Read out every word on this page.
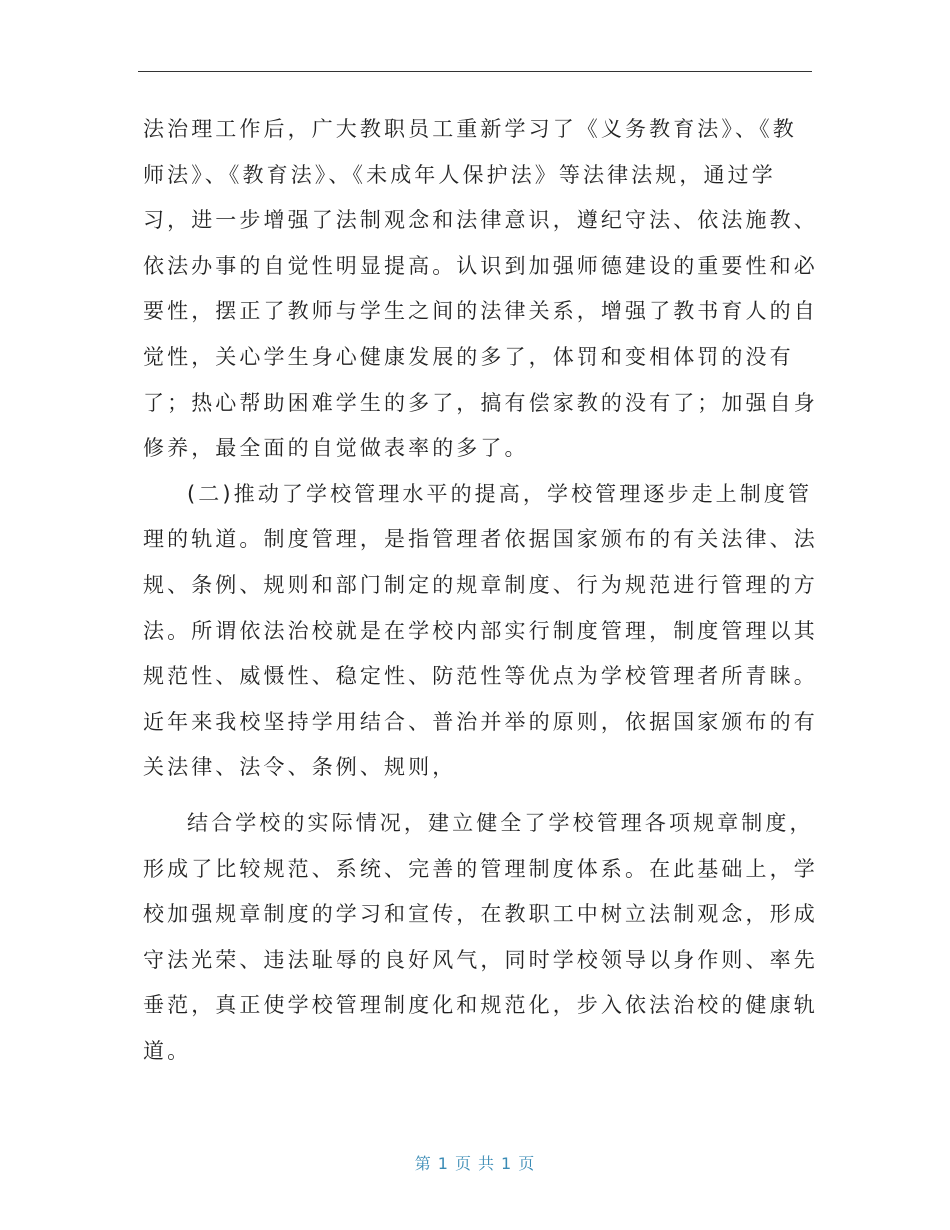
法治理工作后，广大教职员工重新学习了《义务教育法》、《教
师法》、《教育法》、《未成年人保护法》等法律法规，通过学
习，进一步增强了法制观念和法律意识，遵纪守法、依法施教、
依法办事的自觉性明显提高。认识到加强师德建设的重要性和必
要性，摆正了教师与学生之间的法律关系，增强了教书育人的自
觉性，关心学生身心健康发展的多了，体罚和变相体罚的没有
了；热心帮助困难学生的多了，搞有偿家教的没有了；加强自身
修养，最全面的自觉做表率的多了。
(二)推动了学校管理水平的提高，学校管理逐步走上制度管
理的轨道。制度管理，是指管理者依据国家颁布的有关法律、法
规、条例、规则和部门制定的规章制度、行为规范进行管理的方
法。所谓依法治校就是在学校内部实行制度管理，制度管理以其
规范性、威慑性、稳定性、防范性等优点为学校管理者所青睐。
近年来我校坚持学用结合、普治并举的原则，依据国家颁布的有
关法律、法令、条例、规则，
结合学校的实际情况，建立健全了学校管理各项规章制度，
形成了比较规范、系统、完善的管理制度体系。在此基础上，学
校加强规章制度的学习和宣传，在教职工中树立法制观念，形成
守法光荣、违法耻辱的良好风气，同时学校领导以身作则、率先
垂范，真正使学校管理制度化和规范化，步入依法治校的健康轨
道。
第 1 页 共 1 页
